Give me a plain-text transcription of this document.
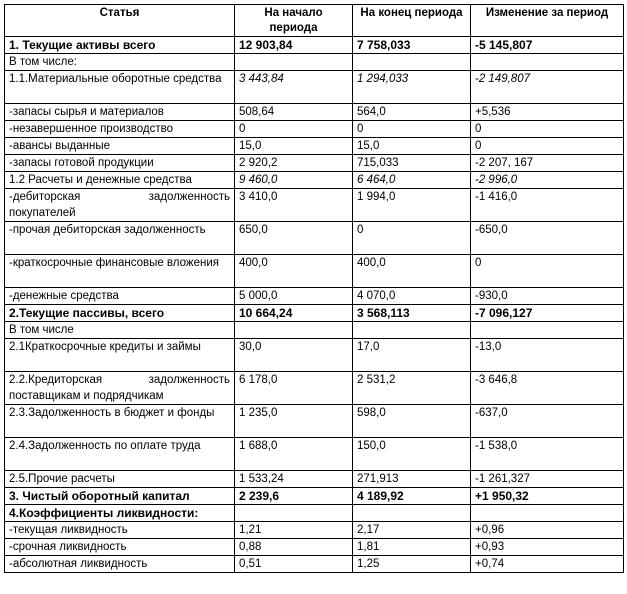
Статья	На начало периода	На конец периода	Изменение за период
1. Текущие активы всего	12 903,84	7 758,033	-5 145,807
В том числе:			
1.1.Материальные оборотные средства	3 443,84	1 294,033	-2 149,807
-запасы сырья и материалов	508,64	564,0	+5,536
-незавершенное производство	0	0	0
-авансы выданные	15,0	15,0	0
-запасы готовой продукции	2 920,2	715,033	-2 207, 167
1.2 Расчеты и денежные средства	9 460,0	6 464,0	-2 996,0
-дебиторская задолженность покупателей	3 410,0	1 994,0	-1 416,0
-прочая дебиторская задолженность	650,0	0	-650,0
-краткосрочные финансовые вложения	400,0	400,0	0
-денежные средства	5 000,0	4 070,0	-930,0
2.Текущие пассивы, всего	10 664,24	3 568,113	-7 096,127
В том числе			
2.1Краткосрочные кредиты и займы	30,0	17,0	-13,0
2.2.Кредиторская задолженность поставщикам и подрядчикам	6 178,0	2 531,2	-3 646,8
2.3.Задолженность в бюджет и фонды	1 235,0	598,0	-637,0
2.4.Задолженность по оплате труда	1 688,0	150,0	-1 538,0
2.5.Прочие расчеты	1 533,24	271,913	-1 261,327
3. Чистый оборотный капитал	2 239,6	4 189,92	+1 950,32
4.Коэффициенты ликвидности:			
-текущая ликвидность	1,21	2,17	+0,96
-срочная ликвидность	0,88	1,81	+0,93
-абсолютная ликвидность	0,51	1,25	+0,74
